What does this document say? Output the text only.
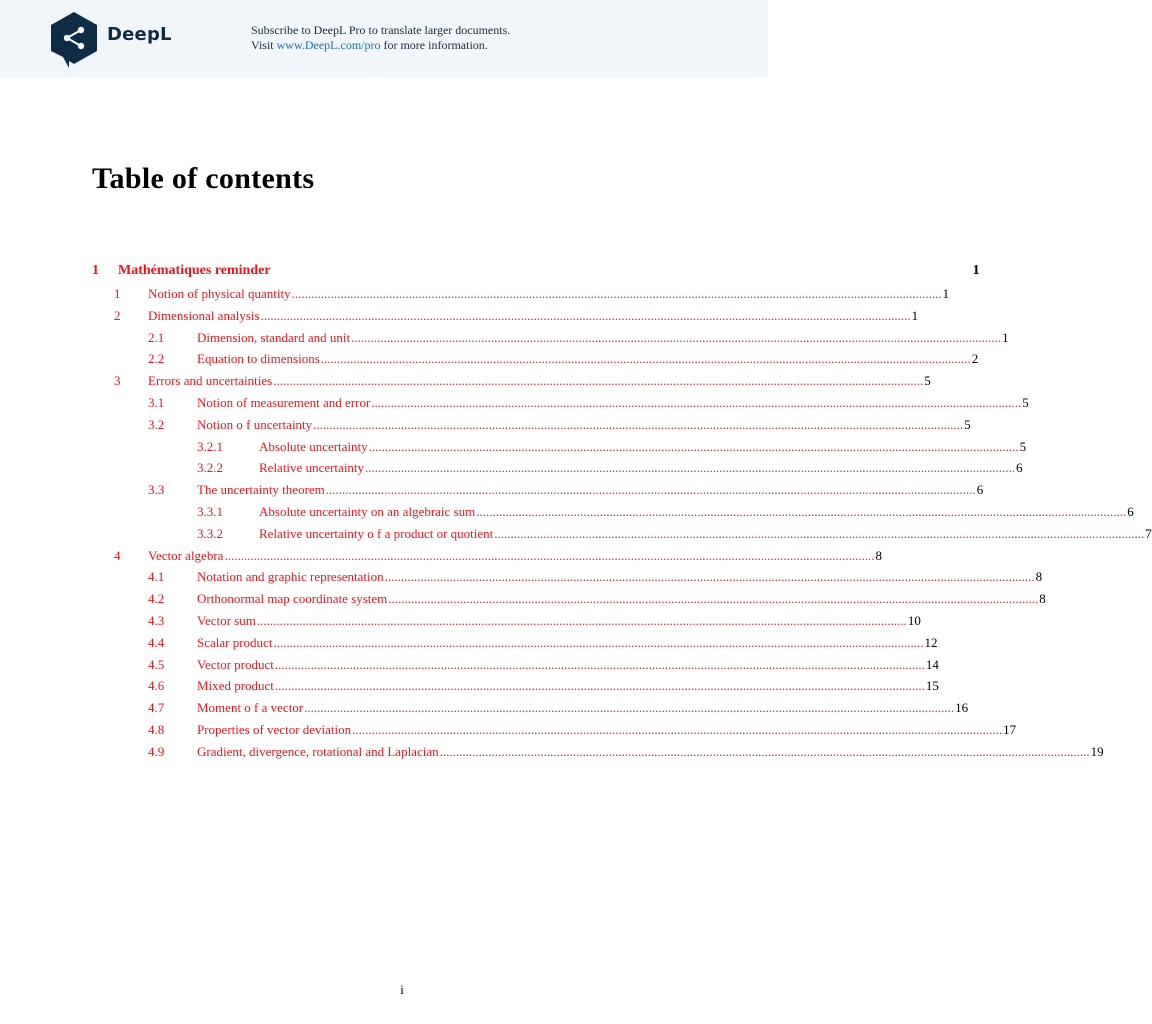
DeepL	Subscribe to DeepL Pro to translate larger documents.
Visit www.DeepL.com/pro for more information.
Table of contents
1	Mathématiques reminder	1
1	Notion of physical quantity ........................................................................................................................................................................................................ 1
2	Dimensional analysis ........................................................................................................................................................................................................ 1
2.1	Dimension, standard and unit ........................................................................................................................................................................................................ 1
2.2	Equation to dimensions ........................................................................................................................................................................................................ 2
3	Errors and uncertainties ........................................................................................................................................................................................................ 5
3.1	Notion of measurement and error ........................................................................................................................................................................................................ 5
3.2	Notion o f uncertainty ........................................................................................................................................................................................................ 5
3.2.1	Absolute uncertainty ........................................................................................................................................................................................................ 5
3.2.2	Relative uncertainty ........................................................................................................................................................................................................ 6
3.3	The uncertainty theorem ........................................................................................................................................................................................................ 6
3.3.1	Absolute uncertainty on an algebraic sum ........................................................................................................................................................................................................ 6
3.3.2	Relative uncertainty o f a product or quotient ........................................................................................................................................................................................................ 7
4	Vector algebra ........................................................................................................................................................................................................ 8
4.1	Notation and graphic representation ........................................................................................................................................................................................................ 8
4.2	Orthonormal map coordinate system ........................................................................................................................................................................................................ 8
4.3	Vector sum ........................................................................................................................................................................................................ 10
4.4	Scalar product ........................................................................................................................................................................................................ 12
4.5	Vector product ........................................................................................................................................................................................................ 14
4.6	Mixed product ........................................................................................................................................................................................................ 15
4.7	Moment o f a vector ........................................................................................................................................................................................................ 16
4.8	Properties of vector deviation ........................................................................................................................................................................................................ 17
4.9	Gradient, divergence, rotational and Laplacian ........................................................................................................................................................................................................ 19
i
